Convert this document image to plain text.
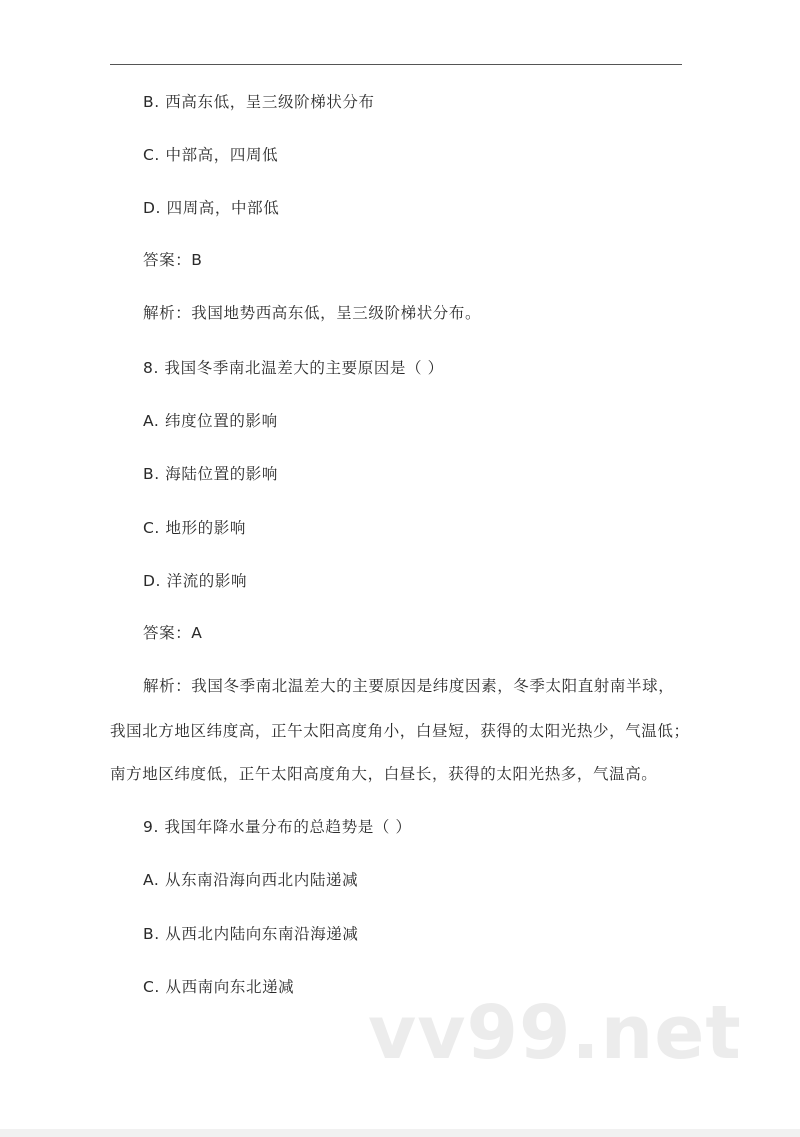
B. 西高东低，呈三级阶梯状分布
C. 中部高，四周低
D. 四周高，中部低
答案：B
解析：我国地势西高东低，呈三级阶梯状分布。
8. 我国冬季南北温差大的主要原因是（ ）
A. 纬度位置的影响
B. 海陆位置的影响
C. 地形的影响
D. 洋流的影响
答案：A
解析：我国冬季南北温差大的主要原因是纬度因素，冬季太阳直射南半球，
我国北方地区纬度高，正午太阳高度角小，白昼短，获得的太阳光热少，气温低；
南方地区纬度低，正午太阳高度角大，白昼长，获得的太阳光热多，气温高。
9. 我国年降水量分布的总趋势是（ ）
A. 从东南沿海向西北内陆递减
B. 从西北内陆向东南沿海递减
C. 从西南向东北递减
vv99.net
